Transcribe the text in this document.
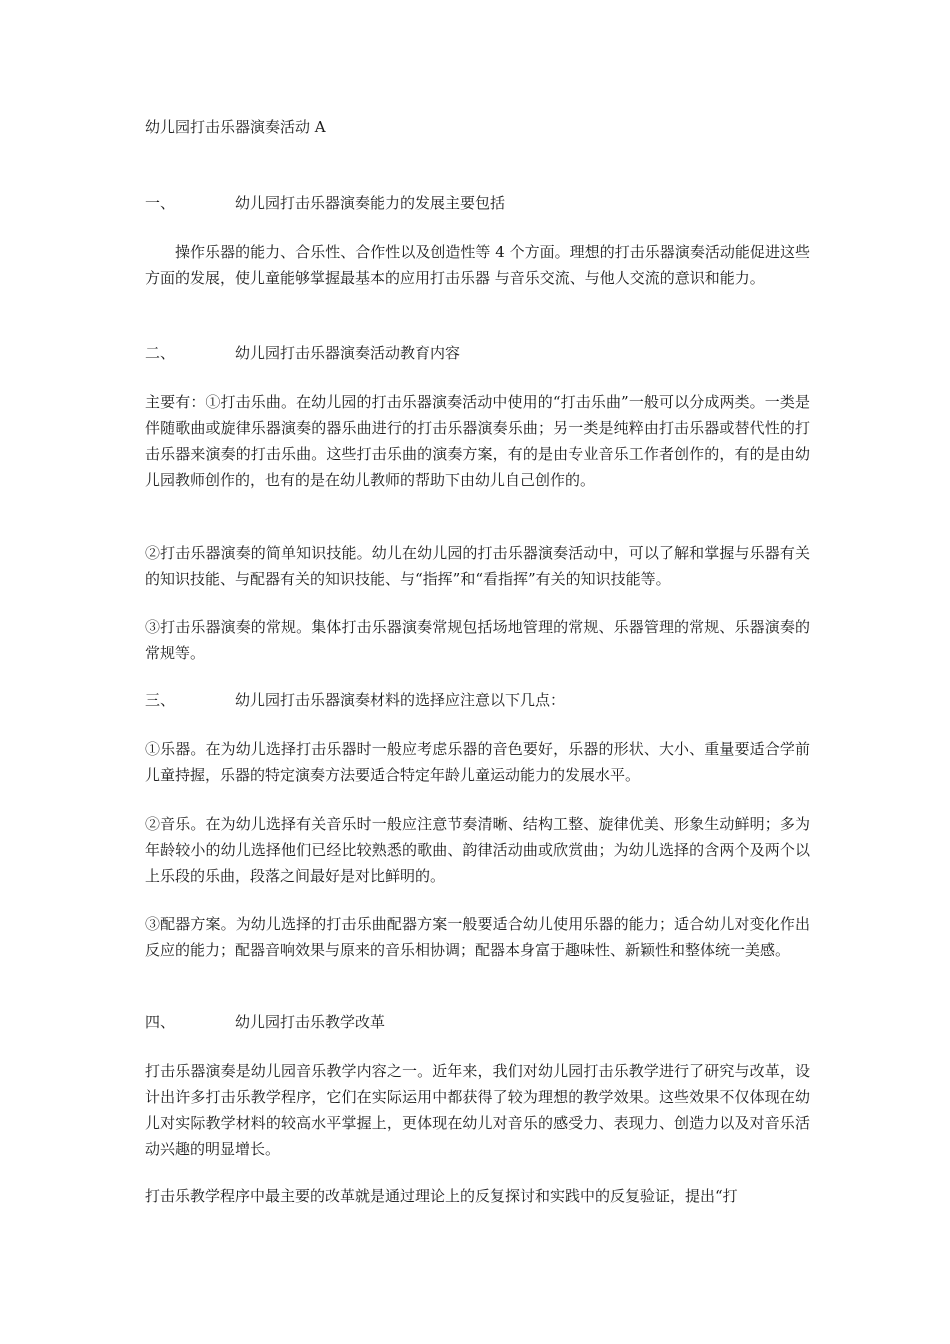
幼儿园打击乐器演奏活动 A
一、	幼儿园打击乐器演奏能力的发展主要包括

操作乐器的能力、合乐性、合作性以及创造性等 4 个方面。理想的打击乐器演奏活动能促进这些方面的发展，使儿童能够掌握最基本的应用打击乐器 与音乐交流、与他人交流的意识和能力。

二、	幼儿园打击乐器演奏活动教育内容

主要有：①打击乐曲。在幼儿园的打击乐器演奏活动中使用的“打击乐曲”一般可以分成两类。一类是伴随歌曲或旋律乐器演奏的器乐曲进行的打击乐器演奏乐曲；另一类是纯粹由打击乐器或替代性的打击乐器来演奏的打击乐曲。这些打击乐曲的演奏方案，有的是由专业音乐工作者创作的，有的是由幼儿园教师创作的，也有的是在幼儿教师的帮助下由幼儿自己创作的。

②打击乐器演奏的简单知识技能。幼儿在幼儿园的打击乐器演奏活动中，可以了解和掌握与乐器有关的知识技能、与配器有关的知识技能、与“指挥”和“看指挥”有关的知识技能等。

③打击乐器演奏的常规。集体打击乐器演奏常规包括场地管理的常规、乐器管理的常规、乐器演奏的常规等。

三、	幼儿园打击乐器演奏材料的选择应注意以下几点：

①乐器。在为幼儿选择打击乐器时一般应考虑乐器的音色要好，乐器的形状、大小、重量要适合学前儿童持握，乐器的特定演奏方法要适合特定年龄儿童运动能力的发展水平。

②音乐。在为幼儿选择有关音乐时一般应注意节奏清晰、结构工整、旋律优美、形象生动鲜明；多为年龄较小的幼儿选择他们已经比较熟悉的歌曲、韵律活动曲或欣赏曲；为幼儿选择的含两个及两个以上乐段的乐曲，段落之间最好是对比鲜明的。

③配器方案。为幼儿选择的打击乐曲配器方案一般要适合幼儿使用乐器的能力；适合幼儿对变化作出反应的能力；配器音响效果与原来的音乐相协调；配器本身富于趣味性、新颖性和整体统一美感。

四、	幼儿园打击乐教学改革

打击乐器演奏是幼儿园音乐教学内容之一。近年来，我们对幼儿园打击乐教学进行了研究与改革，设计出许多打击乐教学程序，它们在实际运用中都获得了较为理想的教学效果。这些效果不仅体现在幼儿对实际教学材料的较高水平掌握上，更体现在幼儿对音乐的感受力、表现力、创造力以及对音乐活动兴趣的明显增长。

打击乐教学程序中最主要的改革就是通过理论上的反复探讨和实践中的反复验证，提出“打
